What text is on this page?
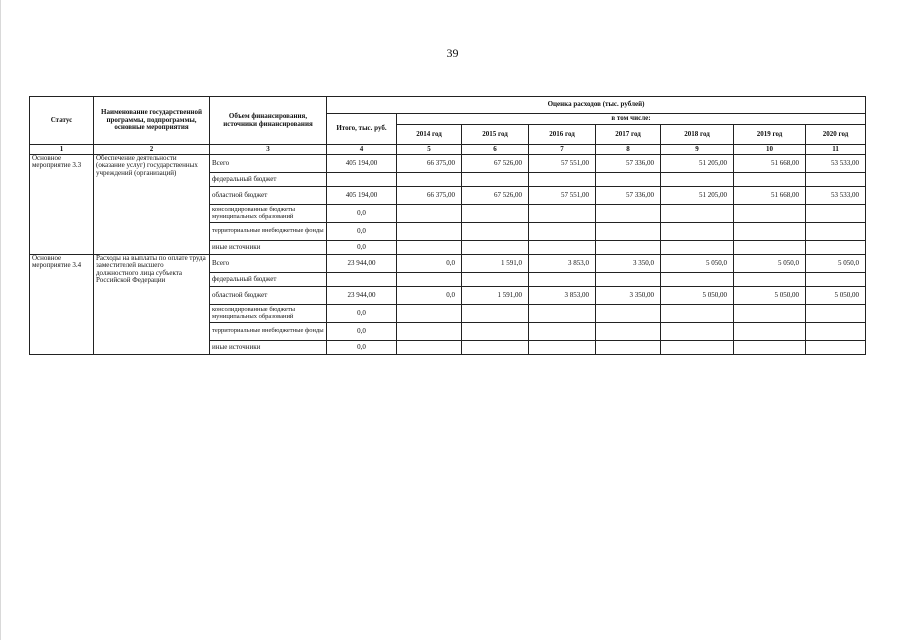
39
Статус	Наименование государственной программы, подпрограммы, основные мероприятия	Объем финансирования, источники финансирования	Оценка расходов (тыс. рублей)							
			Итого, тыс. руб.	в том числе:						
				2014 год	2015 год	2016 год	2017 год	2018 год	2019 год	2020 год
1	2	3	4	5	6	7	8	9	10	11
Основное мероприятие 3.3	Обеспечение деятельности (оказание услуг) государственных учреждений (организаций)	Всего	405 194,00	66 375,00	67 526,00	57 551,00	57 336,00	51 205,00	51 668,00	53 533,00
		федеральный бюджет								
		областной бюджет	405 194,00	66 375,00	67 526,00	57 551,00	57 336,00	51 205,00	51 668,00	53 533,00
		консолидированные бюджеты муниципальных образований	0,0							
		территориальные внебюджетные фонды	0,0							
		иные источники	0,0							
Основное мероприятие 3.4	Расходы на выплаты по оплате труда заместителей высшего должностного лица субъекта Российской Федерации	Всего	23 944,00	0,0	1 591,0	3 853,0	3 350,0	5 050,0	5 050,0	5 050,0
		федеральный бюджет								
		областной бюджет	23 944,00	0,0	1 591,00	3 853,00	3 350,00	5 050,00	5 050,00	5 050,00
		консолидированные бюджеты муниципальных образований	0,0							
		территориальные внебюджетные фонды	0,0							
		иные источники	0,0							
